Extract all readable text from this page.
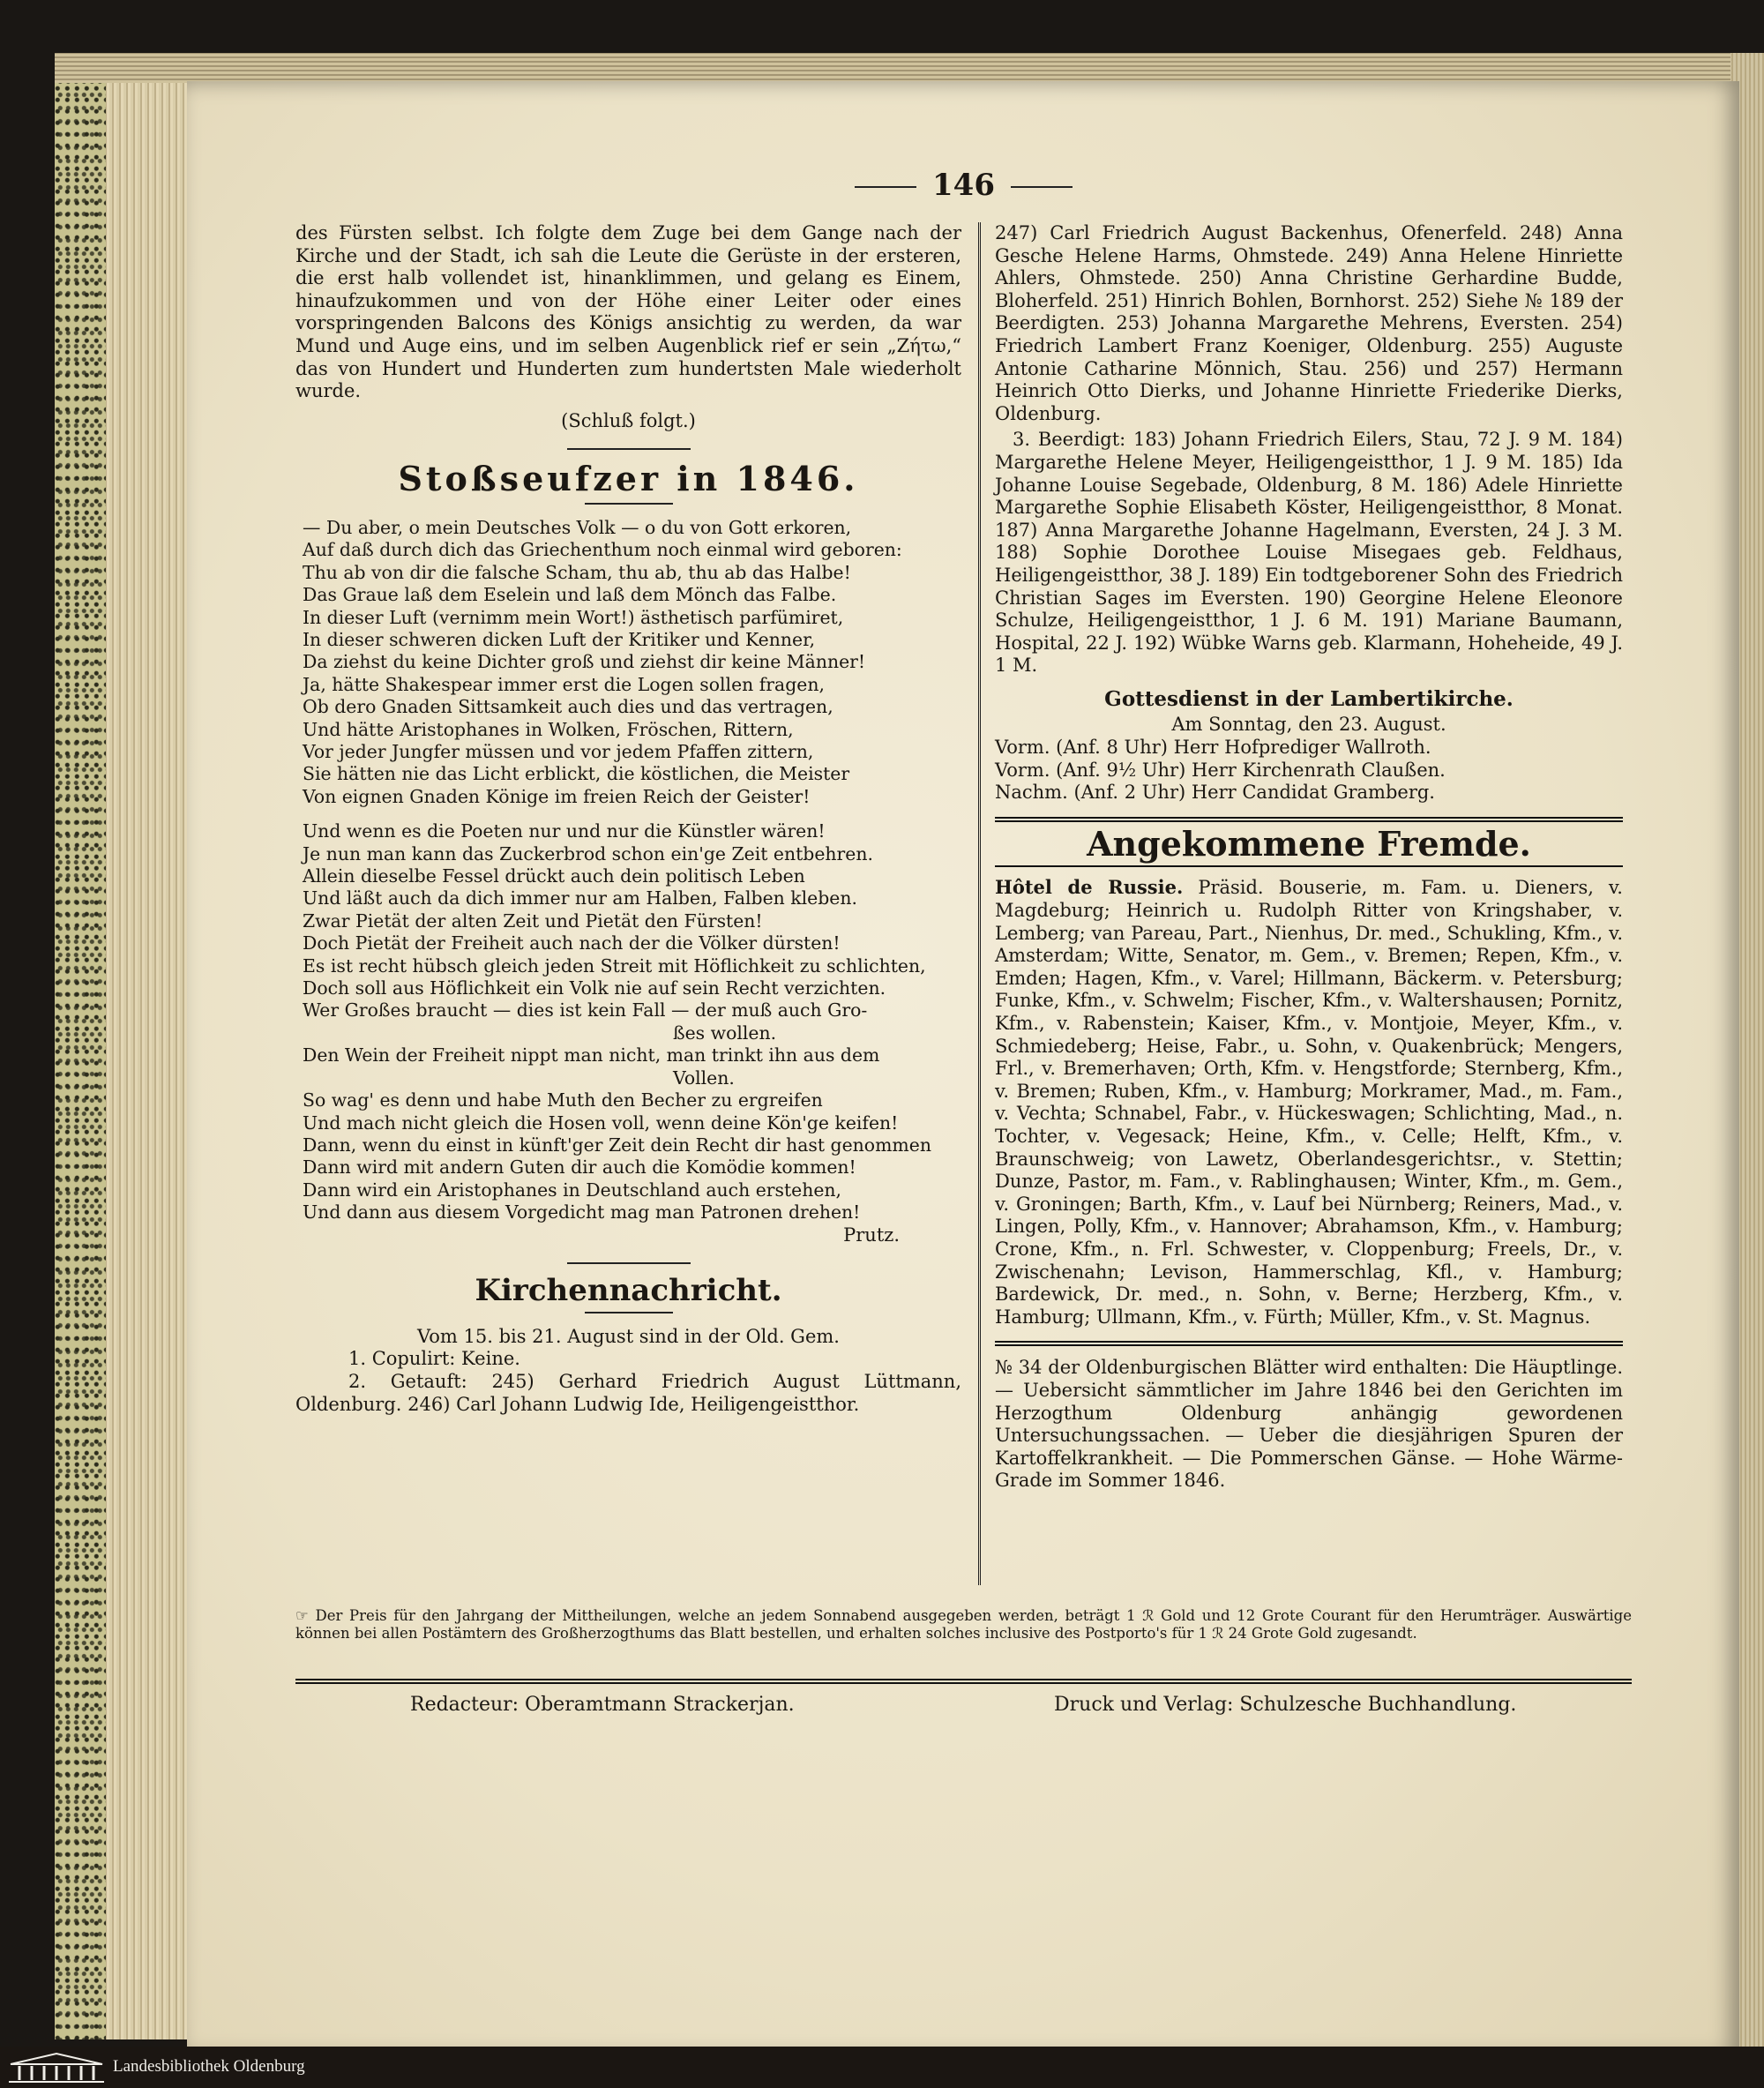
146

des Fürsten selbst. Ich folgte dem Zuge bei dem Gange nach der Kirche und der Stadt, ich sah die Leute die Gerüste in der ersteren, die erst halb vollendet ist, hinanklimmen, und gelang es Einem, hinaufzukommen und von der Höhe einer Leiter oder eines vorspringenden Balcons des Königs ansichtig zu werden, da war Mund und Auge eins, und im selben Augenblick rief er sein „Ζήτω,“ das von Hundert und Hunderten zum hundertsten Male wiederholt wurde.

(Schluß folgt.)

Stoßseufzer in 1846.
— Du aber, o mein Deutsches Volk — o du von Gott erkoren,
Auf daß durch dich das Griechenthum noch einmal wird geboren:
Thu ab von dir die falsche Scham, thu ab, thu ab das Halbe!
Das Graue laß dem Eselein und laß dem Mönch das Falbe.
In dieser Luft (vernimm mein Wort!) ästhetisch parfümiret,
In dieser schweren dicken Luft der Kritiker und Kenner,
Da ziehst du keine Dichter groß und ziehst dir keine Männer!
Ja, hätte Shakespear immer erst die Logen sollen fragen,
Ob dero Gnaden Sittsamkeit auch dies und das vertragen,
Und hätte Aristophanes in Wolken, Fröschen, Rittern,
Vor jeder Jungfer müssen und vor jedem Pfaffen zittern,
Sie hätten nie das Licht erblickt, die köstlichen, die Meister
Von eignen Gnaden Könige im freien Reich der Geister!
Und wenn es die Poeten nur und nur die Künstler wären!
Je nun man kann das Zuckerbrod schon ein'ge Zeit entbehren.
Allein dieselbe Fessel drückt auch dein politisch Leben
Und läßt auch da dich immer nur am Halben, Falben kleben.
Zwar Pietät der alten Zeit und Pietät den Fürsten!
Doch Pietät der Freiheit auch nach der die Völker dürsten!
Es ist recht hübsch gleich jeden Streit mit Höflichkeit zu schlichten,
Doch soll aus Höflichkeit ein Volk nie auf sein Recht verzichten.
Wer Großes braucht — dies ist kein Fall — der muß auch Gro-
ßes wollen.
Den Wein der Freiheit nippt man nicht, man trinkt ihn aus dem
Vollen.
So wag' es denn und habe Muth den Becher zu ergreifen
Und mach nicht gleich die Hosen voll, wenn deine Kön'ge keifen!
Dann, wenn du einst in künft'ger Zeit dein Recht dir hast genommen
Dann wird mit andern Guten dir auch die Komödie kommen!
Dann wird ein Aristophanes in Deutschland auch erstehen,
Und dann aus diesem Vorgedicht mag man Patronen drehen!

Prutz.

Kirchennachricht.

Vom 15. bis 21. August sind in der Old. Gem.

1. Copulirt: Keine.

2. Getauft: 245) Gerhard Friedrich August Lüttmann, Oldenburg. 246) Carl Johann Ludwig Ide, Heiligengeistthor.

247) Carl Friedrich August Backenhus, Ofenerfeld. 248) Anna Gesche Helene Harms, Ohmstede. 249) Anna Helene Hinriette Ahlers, Ohmstede. 250) Anna Christine Gerhardine Budde, Bloherfeld. 251) Hinrich Bohlen, Bornhorst. 252) Siehe № 189 der Beerdigten. 253) Johanna Margarethe Mehrens, Eversten. 254) Friedrich Lambert Franz Koeniger, Oldenburg. 255) Auguste Antonie Catharine Mönnich, Stau. 256) und 257) Hermann Heinrich Otto Dierks, und Johanne Hinriette Friederike Dierks, Oldenburg.

3. Beerdigt: 183) Johann Friedrich Eilers, Stau, 72 J. 9 M. 184) Margarethe Helene Meyer, Heiligengeistthor, 1 J. 9 M. 185) Ida Johanne Louise Segebade, Oldenburg, 8 M. 186) Adele Hinriette Margarethe Sophie Elisabeth Köster, Heiligengeistthor, 8 Monat. 187) Anna Margarethe Johanne Hagelmann, Eversten, 24 J. 3 M. 188) Sophie Dorothee Louise Misegaes geb. Feldhaus, Heiligengeistthor, 38 J. 189) Ein todtgeborener Sohn des Friedrich Christian Sages im Eversten. 190) Georgine Helene Eleonore Schulze, Heiligengeistthor, 1 J. 6 M. 191) Mariane Baumann, Hospital, 22 J. 192) Wübke Warns geb. Klarmann, Hoheheide, 49 J. 1 M.

Gottesdienst in der Lambertikirche.

Am Sonntag, den 23. August.

Vorm. (Anf. 8 Uhr) Herr Hofprediger Wallroth.

Vorm. (Anf. 9½ Uhr) Herr Kirchenrath Claußen.

Nachm. (Anf. 2 Uhr) Herr Candidat Gramberg.

Angekommene Fremde.

Hôtel de Russie. Präsid. Bouserie, m. Fam. u. Dieners, v. Magdeburg; Heinrich u. Rudolph Ritter von Kringshaber, v. Lemberg; van Pareau, Part., Nienhus, Dr. med., Schukling, Kfm., v. Amsterdam; Witte, Senator, m. Gem., v. Bremen; Repen, Kfm., v. Emden; Hagen, Kfm., v. Varel; Hillmann, Bäckerm. v. Petersburg; Funke, Kfm., v. Schwelm; Fischer, Kfm., v. Waltershausen; Pornitz, Kfm., v. Rabenstein; Kaiser, Kfm., v. Montjoie, Meyer, Kfm., v. Schmiedeberg; Heise, Fabr., u. Sohn, v. Quakenbrück; Mengers, Frl., v. Bremerhaven; Orth, Kfm. v. Hengstforde; Sternberg, Kfm., v. Bremen; Ruben, Kfm., v. Hamburg; Morkramer, Mad., m. Fam., v. Vechta; Schnabel, Fabr., v. Hückeswagen; Schlichting, Mad., n. Tochter, v. Vegesack; Heine, Kfm., v. Celle; Helft, Kfm., v. Braunschweig; von Lawetz, Oberlandesgerichtsr., v. Stettin; Dunze, Pastor, m. Fam., v. Rablinghausen; Winter, Kfm., m. Gem., v. Groningen; Barth, Kfm., v. Lauf bei Nürnberg; Reiners, Mad., v. Lingen, Polly, Kfm., v. Hannover; Abrahamson, Kfm., v. Hamburg; Crone, Kfm., n. Frl. Schwester, v. Cloppenburg; Freels, Dr., v. Zwischenahn; Levison, Hammerschlag, Kfl., v. Hamburg; Bardewick, Dr. med., n. Sohn, v. Berne; Herzberg, Kfm., v. Hamburg; Ullmann, Kfm., v. Fürth; Müller, Kfm., v. St. Magnus.

№ 34 der Oldenburgischen Blätter wird enthalten: Die Häuptlinge. — Uebersicht sämmtlicher im Jahre 1846 bei den Gerichten im Herzogthum Oldenburg anhängig gewordenen Untersuchungssachen. — Ueber die diesjährigen Spuren der Kartoffelkrankheit. — Die Pommerschen Gänse. — Hohe Wärme-Grade im Sommer 1846.

☞ Der Preis für den Jahrgang der Mittheilungen, welche an jedem Sonnabend ausgegeben werden, beträgt 1 ℛ Gold und 12 Grote Courant für den Herumträger. Auswärtige können bei allen Postämtern des Großherzogthums das Blatt bestellen, und erhalten solches inclusive des Postporto's für 1 ℛ 24 Grote Gold zugesandt.
Redacteur: Oberamtmann Strackerjan.	Druck und Verlag: Schulzesche Buchhandlung.
Landesbibliothek Oldenburg
